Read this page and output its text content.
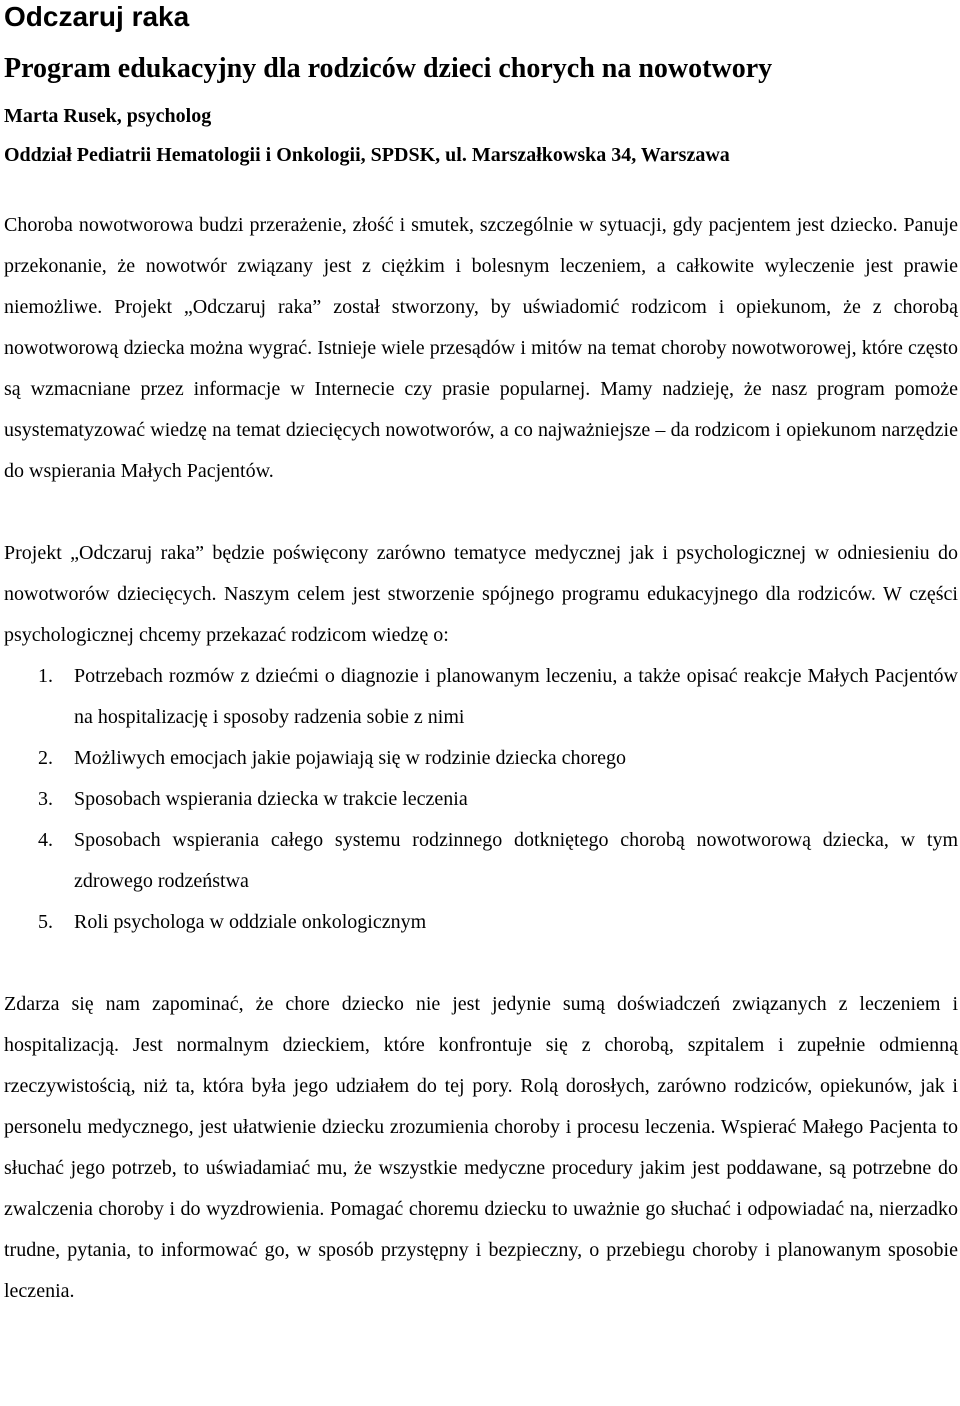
Odczaruj raka
Program edukacyjny dla rodziców dzieci chorych na nowotwory
Marta Rusek, psycholog
Oddział Pediatrii Hematologii i Onkologii, SPDSK, ul. Marszałkowska 34, Warszawa

Choroba nowotworowa budzi przerażenie, złość i smutek, szczególnie w sytuacji, gdy pacjentem jest dziecko. Panuje przekonanie, że nowotwór związany jest z ciężkim i bolesnym leczeniem, a całkowite wyleczenie jest prawie niemożliwe. Projekt „Odczaruj raka” został stworzony, by uświadomić rodzicom i opiekunom, że z chorobą nowotworową dziecka można wygrać. Istnieje wiele przesądów i mitów na temat choroby nowotworowej, które często są wzmacniane przez informacje w Internecie czy prasie popularnej. Mamy nadzieję, że nasz program pomoże usystematyzować wiedzę na temat dziecięcych nowotworów, a co najważniejsze – da rodzicom i opiekunom narzędzie do wspierania Małych Pacjentów.

Projekt „Odczaruj raka” będzie poświęcony zarówno tematyce medycznej jak i psychologicznej w odniesieniu do nowotworów dziecięcych. Naszym celem jest stworzenie spójnego programu edukacyjnego dla rodziców. W części psychologicznej chcemy przekazać rodzicom wiedzę o:

1. Potrzebach rozmów z dziećmi o diagnozie i planowanym leczeniu, a także opisać reakcje Małych Pacjentów na hospitalizację i sposoby radzenia sobie z nimi
2. Możliwych emocjach jakie pojawiają się w rodzinie dziecka chorego
3. Sposobach wspierania dziecka w trakcie leczenia
4. Sposobach wspierania całego systemu rodzinnego dotkniętego chorobą nowotworową dziecka, w tym zdrowego rodzeństwa
5. Roli psychologa w oddziale onkologicznym

Zdarza się nam zapominać, że chore dziecko nie jest jedynie sumą doświadczeń związanych z leczeniem i hospitalizacją. Jest normalnym dzieckiem, które konfrontuje się z chorobą, szpitalem i zupełnie odmienną rzeczywistością, niż ta, która była jego udziałem do tej pory. Rolą dorosłych, zarówno rodziców, opiekunów, jak i personelu medycznego, jest ułatwienie dziecku zrozumienia choroby i procesu leczenia. Wspierać Małego Pacjenta to słuchać jego potrzeb, to uświadamiać mu, że wszystkie medyczne procedury jakim jest poddawane, są potrzebne do zwalczenia choroby i do wyzdrowienia. Pomagać choremu dziecku to uważnie go słuchać i odpowiadać na, nierzadko trudne, pytania, to informować go, w sposób przystępny i bezpieczny, o przebiegu choroby i planowanym sposobie leczenia.
